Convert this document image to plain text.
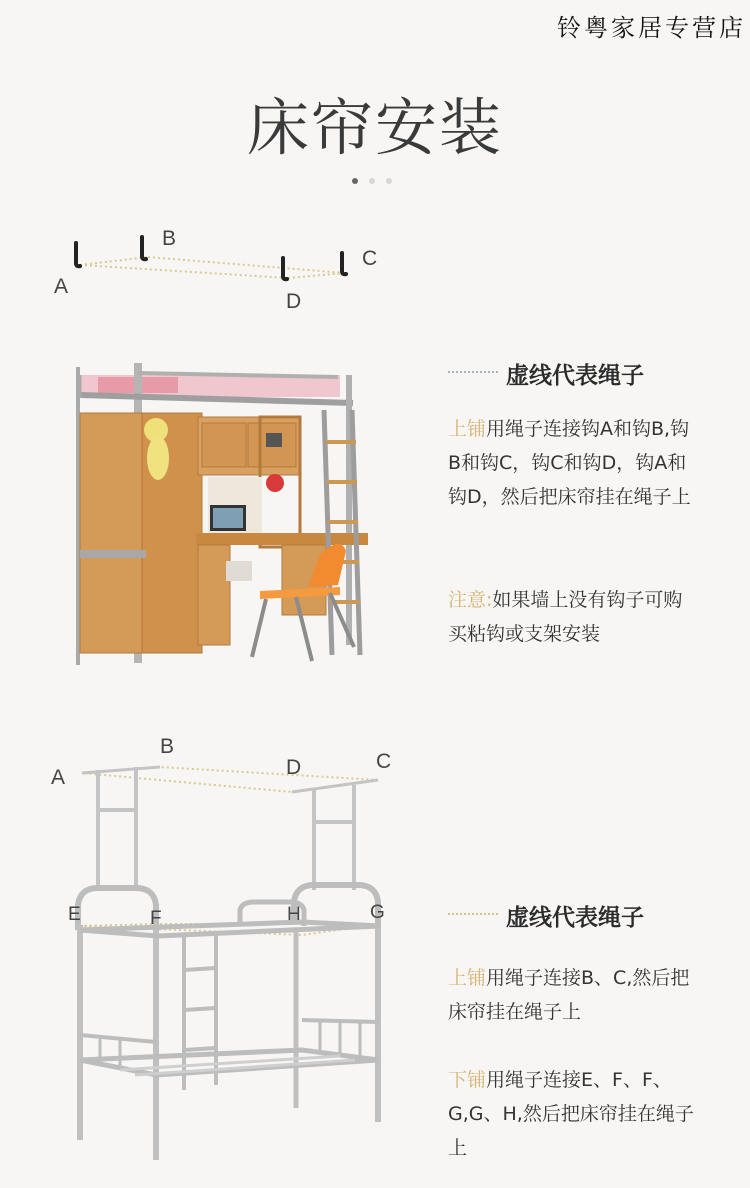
铃粤家居专营店
床帘安装
A
B
C
D
虚线代表绳子
上铺用绳子连接钩A和钩B,钩B和钩C，钩C和钩D，钩A和钩D，然后把床帘挂在绳子上
注意:如果墙上没有钩子可购买粘钩或支架安装
A
B
C
D
E	F	G
H	虚线代表绳子
上铺用绳子连接B、C,然后把床帘挂在绳子上
下铺用绳子连接E、F、F、G,G、H,然后把床帘挂在绳子上
